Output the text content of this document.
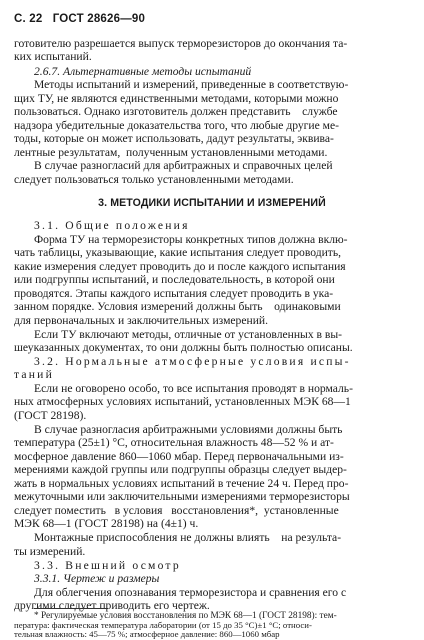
С. 22 ГОСТ 28626—90
готовителю разрешается выпуск терморезисторов до окончания та-
ких испытаний.
2.6.7. Альтернативные методы испытаний
Методы испытаний и измерений, приведенные в соответствую-
щих ТУ, не являются единственными методами, которыми можно
пользоваться. Однако изготовитель должен представить    службе
надзора убедительные доказательства того, что любые другие ме-
тоды, которые он может использовать, дадут результаты, эквива-
лентные результатам,  полученным установленными методами.
В случае разногласий для арбитражных и справочных целей
следует пользоваться только установленными методами.
3. МЕТОДИКИ ИСПЫТАНИИ И ИЗМЕРЕНИЙ
3.1. Общие положения
Форма ТУ на терморезисторы конкретных типов должна вклю-
чать таблицы, указывающие, какие испытания следует проводить,
какие измерения следует проводить до и после каждого испытания
или подгруппы испытаний, и последовательность, в которой они
проводятся. Этапы каждого испытания следует проводить в ука-
занном порядке. Условия измерений должны быть    одинаковыми
для первоначальных и заключительных измерений.
Если ТУ включают методы, отличные от установленных в вы-
шеуказанных документах, то они должны быть полностью описаны.
3.2. Нормальные атмосферные условия испы-
таний
Если не оговорено особо, то все испытания проводят в нормаль-
ных атмосферных условиях испытаний, установленных МЭК 68—1
(ГОСТ 28198).
В случае разногласия арбитражными условиями должны быть
температура (25±1) °С, относительная влажность 48—52 % и ат-
мосферное давление 860—1060 мбар. Перед первоначальными из-
мерениями каждой группы или подгруппы образцы следует выдер-
жать в нормальных условиях испытаний в течение 24 ч. Перед про-
межуточными или заключительными измерениями терморезисторы
следует поместить   в условия   восстановления*,  установленные
МЭК 68—1 (ГОСТ 28198) на (4±1) ч.
Монтажные приспособления не должны влиять    на результа-
ты измерений.
3.3. Внешний осмотр
3.3.1. Чертеж и размеры
Для облегчения опознавания терморезистора и сравнения его с
другими следует приводить его чертеж.
* Регулируемые условия восстановления по МЭК 68—1 (ГОСТ 28198): тем-
пература: фактическая температура лаборатории (от 15 до 35 °С)±1 °С; относи-
тельная влажность: 45—75 %; атмосферное давление: 860—1060 мбар
